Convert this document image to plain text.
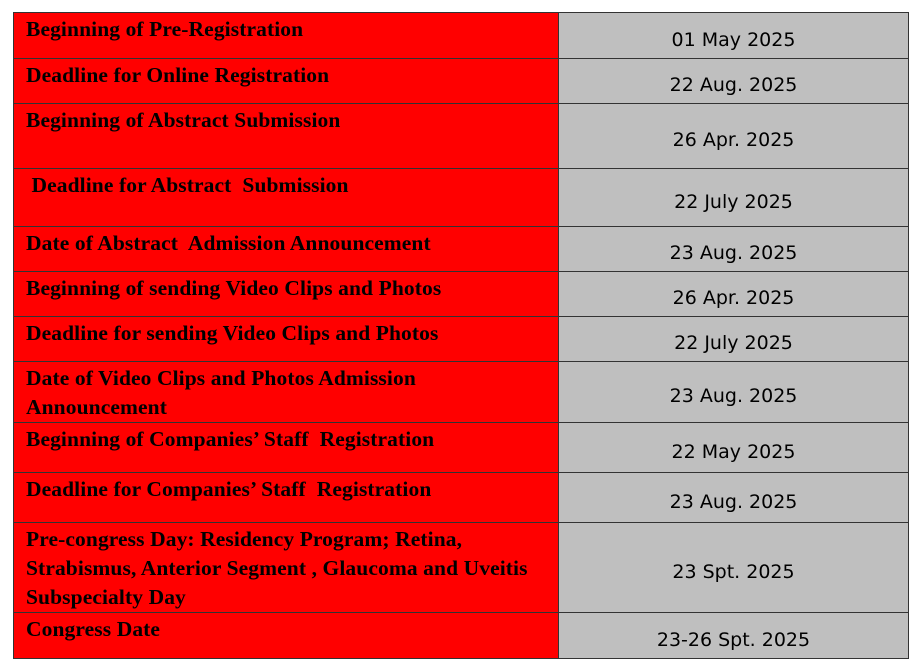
Beginning of Pre-Registration	01 May 2025
Deadline for Online Registration	22 Aug. 2025
Beginning of Abstract Submission	26 Apr. 2025
Deadline for Abstract  Submission	22 July 2025
Date of Abstract  Admission Announcement	23 Aug. 2025
Beginning of sending Video Clips and Photos	26 Apr. 2025
Deadline for sending Video Clips and Photos	22 July 2025
Date of Video Clips and Photos Admission Announcement	23 Aug. 2025
Beginning of Companies’ Staff  Registration	22 May 2025
Deadline for Companies’ Staff  Registration	23 Aug. 2025
Pre-congress Day: Residency Program; Retina, Strabismus, Anterior Segment , Glaucoma and Uveitis Subspecialty Day	23 Spt. 2025
Congress Date	23-26 Spt. 2025
